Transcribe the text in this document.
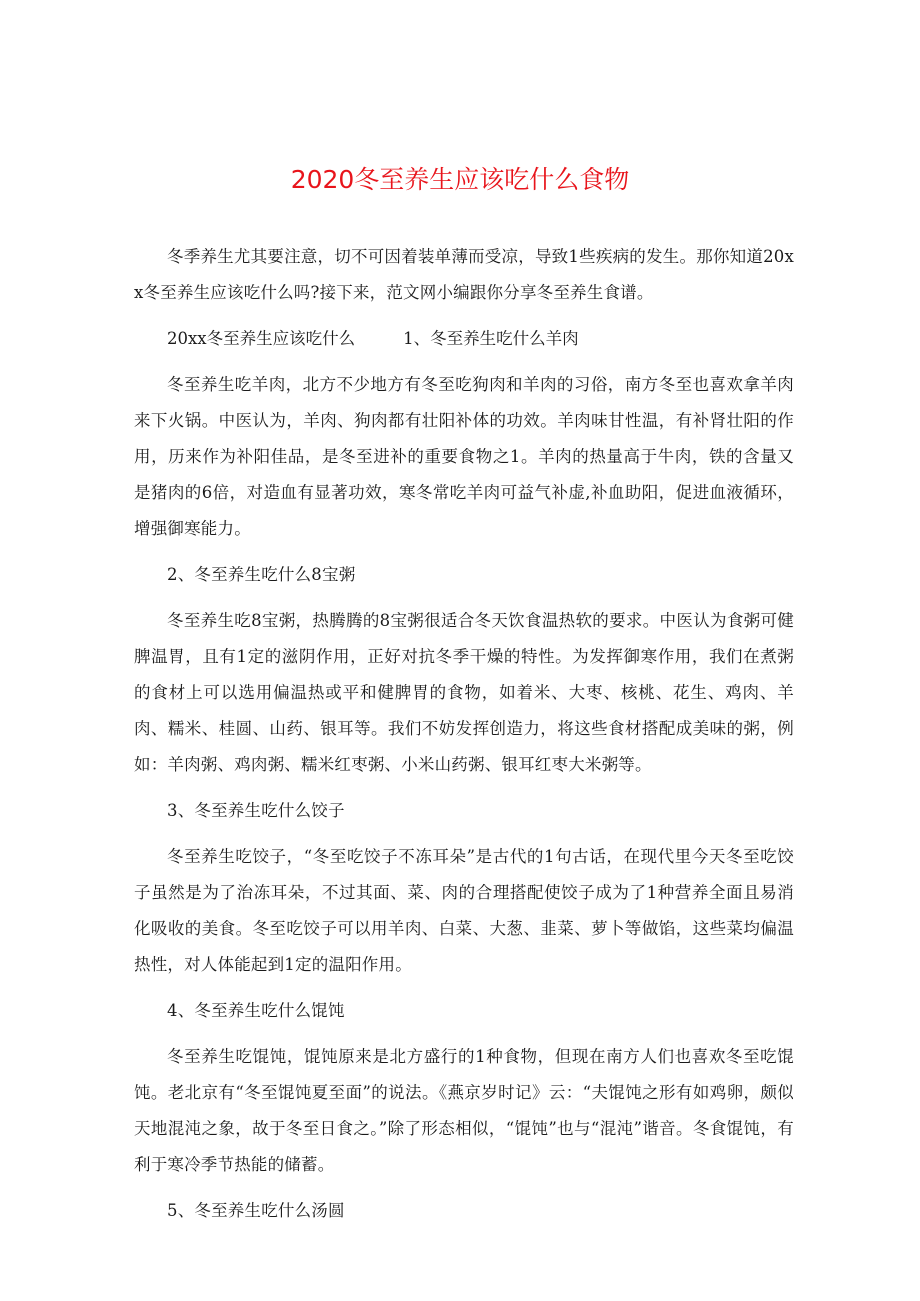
2020冬至养生应该吃什么食物

冬季养生尤其要注意，切不可因着装单薄而受凉，导致1些疾病的发生。那你知道20xx冬至养生应该吃什么吗?接下来，范文网小编跟你分享冬至养生食谱。

20xx冬至养生应该吃什么	1、冬至养生吃什么羊肉

冬至养生吃羊肉，北方不少地方有冬至吃狗肉和羊肉的习俗，南方冬至也喜欢拿羊肉来下火锅。中医认为，羊肉、狗肉都有壮阳补体的功效。羊肉味甘性温，有补肾壮阳的作用，历来作为补阳佳品，是冬至进补的重要食物之1。羊肉的热量高于牛肉，铁的含量又是猪肉的6倍，对造血有显著功效，寒冬常吃羊肉可益气补虚,补血助阳，促进血液循环，增强御寒能力。

2、冬至养生吃什么8宝粥

冬至养生吃8宝粥，热腾腾的8宝粥很适合冬天饮食温热软的要求。中医认为食粥可健脾温胃，且有1定的滋阴作用，正好对抗冬季干燥的特性。为发挥御寒作用，我们在煮粥的食材上可以选用偏温热或平和健脾胃的食物，如着米、大枣、核桃、花生、鸡肉、羊肉、糯米、桂圆、山药、银耳等。我们不妨发挥创造力，将这些食材搭配成美味的粥，例如：羊肉粥、鸡肉粥、糯米红枣粥、小米山药粥、银耳红枣大米粥等。

3、冬至养生吃什么饺子

冬至养生吃饺子，“冬至吃饺子不冻耳朵”是古代的1句古话，在现代里今天冬至吃饺子虽然是为了治冻耳朵，不过其面、菜、肉的合理搭配使饺子成为了1种营养全面且易消化吸收的美食。冬至吃饺子可以用羊肉、白菜、大葱、韭菜、萝卜等做馅，这些菜均偏温热性，对人体能起到1定的温阳作用。

4、冬至养生吃什么馄饨

冬至养生吃馄饨，馄饨原来是北方盛行的1种食物，但现在南方人们也喜欢冬至吃馄饨。老北京有“冬至馄饨夏至面”的说法。《燕京岁时记》云：“夫馄饨之形有如鸡卵，颇似天地混沌之象，故于冬至日食之。”除了形态相似，“馄饨”也与“混沌”谐音。冬食馄饨，有利于寒冷季节热能的储蓄。

5、冬至养生吃什么汤圆
